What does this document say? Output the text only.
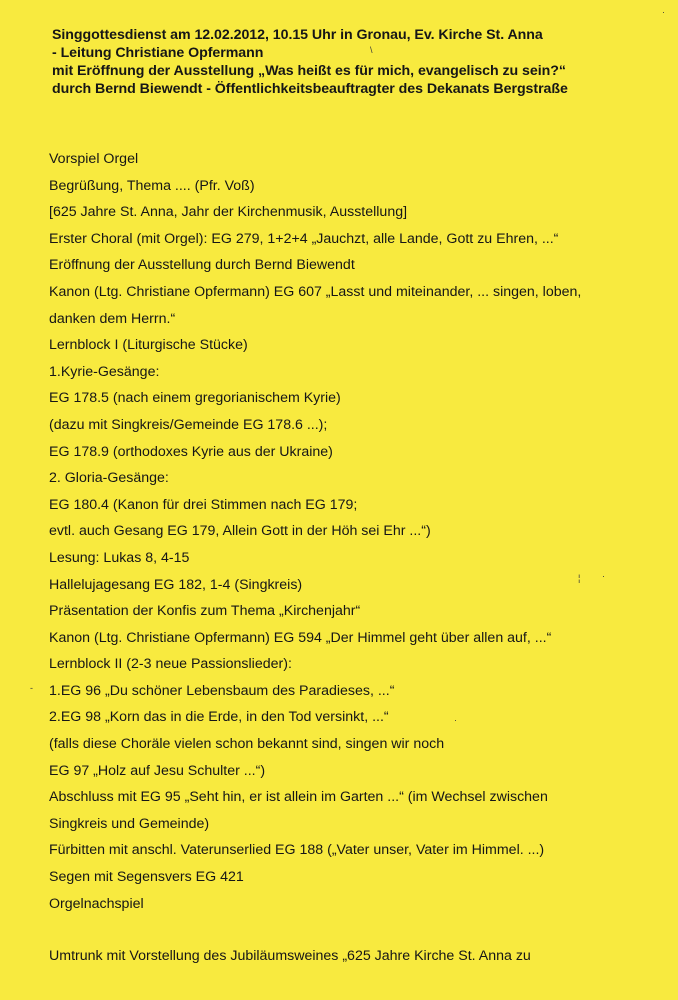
Singgottesdienst am 12.02.2012, 10.15 Uhr in Gronau, Ev. Kirche St. Anna
- Leitung Christiane Opfermann
mit Eröffnung der Ausstellung „Was heißt es für mich, evangelisch zu sein?“
durch Bernd Biewendt - Öffentlichkeitsbeauftragter des Dekanats Bergstraße
Vorspiel Orgel
Begrüßung, Thema .... (Pfr. Voß)
[625 Jahre St. Anna, Jahr der Kirchenmusik, Ausstellung]
Erster Choral (mit Orgel): EG 279, 1+2+4 „Jauchzt, alle Lande, Gott zu Ehren, ...“
Eröffnung der Ausstellung durch Bernd Biewendt
Kanon (Ltg. Christiane Opfermann) EG 607 „Lasst und miteinander, ... singen, loben,
danken dem Herrn.“
Lernblock I (Liturgische Stücke)
1.Kyrie-Gesänge:
EG 178.5 (nach einem gregorianischem Kyrie)
(dazu mit Singkreis/Gemeinde EG 178.6 ...);
EG 178.9 (orthodoxes Kyrie aus der Ukraine)
2. Gloria-Gesänge:
EG 180.4 (Kanon für drei Stimmen nach EG 179;
evtl. auch Gesang EG 179, Allein Gott in der Höh sei Ehr ...“)
Lesung: Lukas 8, 4-15
Hallelujagesang EG 182, 1-4 (Singkreis)
Präsentation der Konfis zum Thema „Kirchenjahr“
Kanon (Ltg. Christiane Opfermann) EG 594 „Der Himmel geht über allen auf, ...“
Lernblock II (2-3 neue Passionslieder):
1.EG 96 „Du schöner Lebensbaum des Paradieses, ...“
2.EG 98 „Korn das in die Erde, in den Tod versinkt, ...“
(falls diese Choräle vielen schon bekannt sind, singen wir noch
EG 97 „Holz auf Jesu Schulter ...“)
Abschluss mit EG 95 „Seht hin, er ist allein im Garten ...“ (im Wechsel zwischen
Singkreis und Gemeinde)
Fürbitten mit anschl. Vaterunserlied EG 188 („Vater unser, Vater im Himmel. ...)
Segen mit Segensvers EG 421
Orgelnachspiel
Umtrunk mit Vorstellung des Jubiläumsweines „625 Jahre Kirche St. Anna zu
·
\
¦ ·
-
·
